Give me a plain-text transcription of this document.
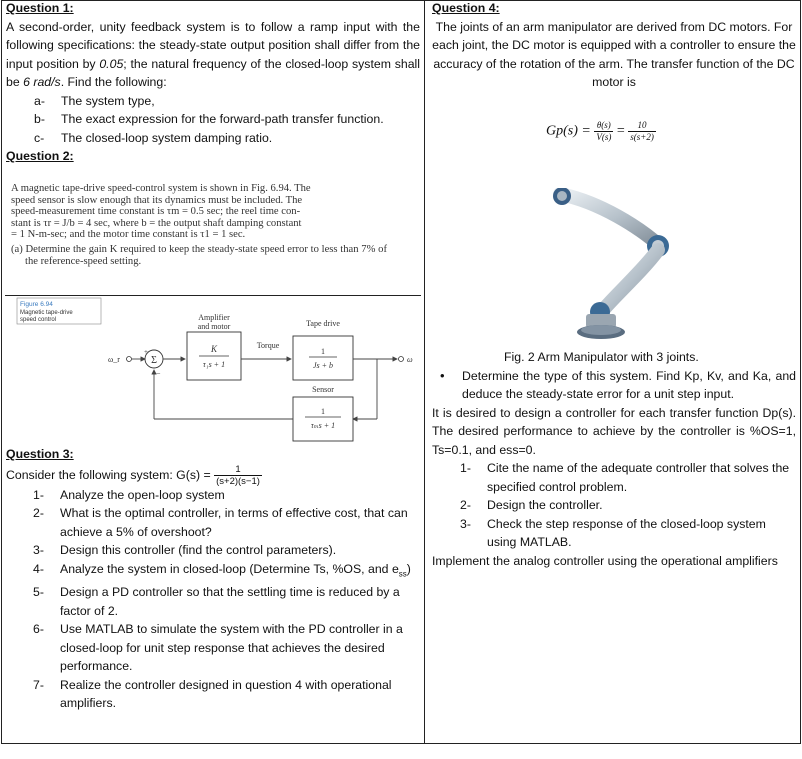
Question 1:
A second-order, unity feedback system is to follow a ramp input with the following specifications: the steady-state output position shall differ from the input position by 0.05; the natural frequency of the closed-loop system shall be 6 rad/s. Find the following:
a-	The system type,
b-	The exact expression for the forward-path transfer function.
c-	The closed-loop system damping ratio.
Question 2:
A magnetic tape-drive speed-control system is shown in Fig. 6.94. The
speed sensor is slow enough that its dynamics must be included. The
speed-measurement time constant is τm = 0.5 sec; the reel time con-
stant is τr = J/b = 4 sec, where b = the output shaft damping constant
= 1 N-m-sec; and the motor time constant is τ1 = 1 sec.
(a) Determine the gain K required to keep the steady-state speed error to less than 7% of the reference-speed setting.
Figure 6.94
Magnetic tape-drive
speed control
ω_r	Σ
+
−
Amplifier
and motor
K
τ₁s + 1
Torque
Tape drive
1
Js + b
ω
Sensor
1
τₘs + 1
Question 3:
Consider the following system: $G(s) = \frac{1}{(s+2)(s-1)}$
1-	Analyze the open-loop system
2-	What is the optimal controller, in terms of effective cost, that can achieve a 5% of overshoot?
3-	Design this controller (find the control parameters).
4-	Analyze the system in closed-loop (Determine Ts, %OS, and $e_{ss}$)
5-	Design a PD controller so that the settling time is reduced by a factor of 2.
6-	Use MATLAB to simulate the system with the PD controller in a closed-loop for unit step response that achieves the desired performance.
7-	Realize the controller designed in question 4 with operational amplifiers.
Question 4:
The joints of an arm manipulator are derived from DC motors. For each joint, the DC motor is equipped with a controller to ensure the accuracy of the rotation of the arm. The transfer function of the DC motor is
$Gp(s) = \frac{\theta(s)}{V(s)} = \frac{10}{s(s+2)}$
Fig. 2 Arm Manipulator with 3 joints.
•	Determine the type of this system. Find Kp, Kv, and Ka, and deduce the steady-state error for a unit step input.
It is desired to design a controller for each transfer function Dp(s). The desired performance to achieve by the controller is %OS=1, Ts=0.1, and ess=0.
1-	Cite the name of the adequate controller that solves the specified control problem.
2-	Design the controller.
3-	Check the step response of the closed-loop system using MATLAB.
Implement the analog controller using the operational amplifiers
